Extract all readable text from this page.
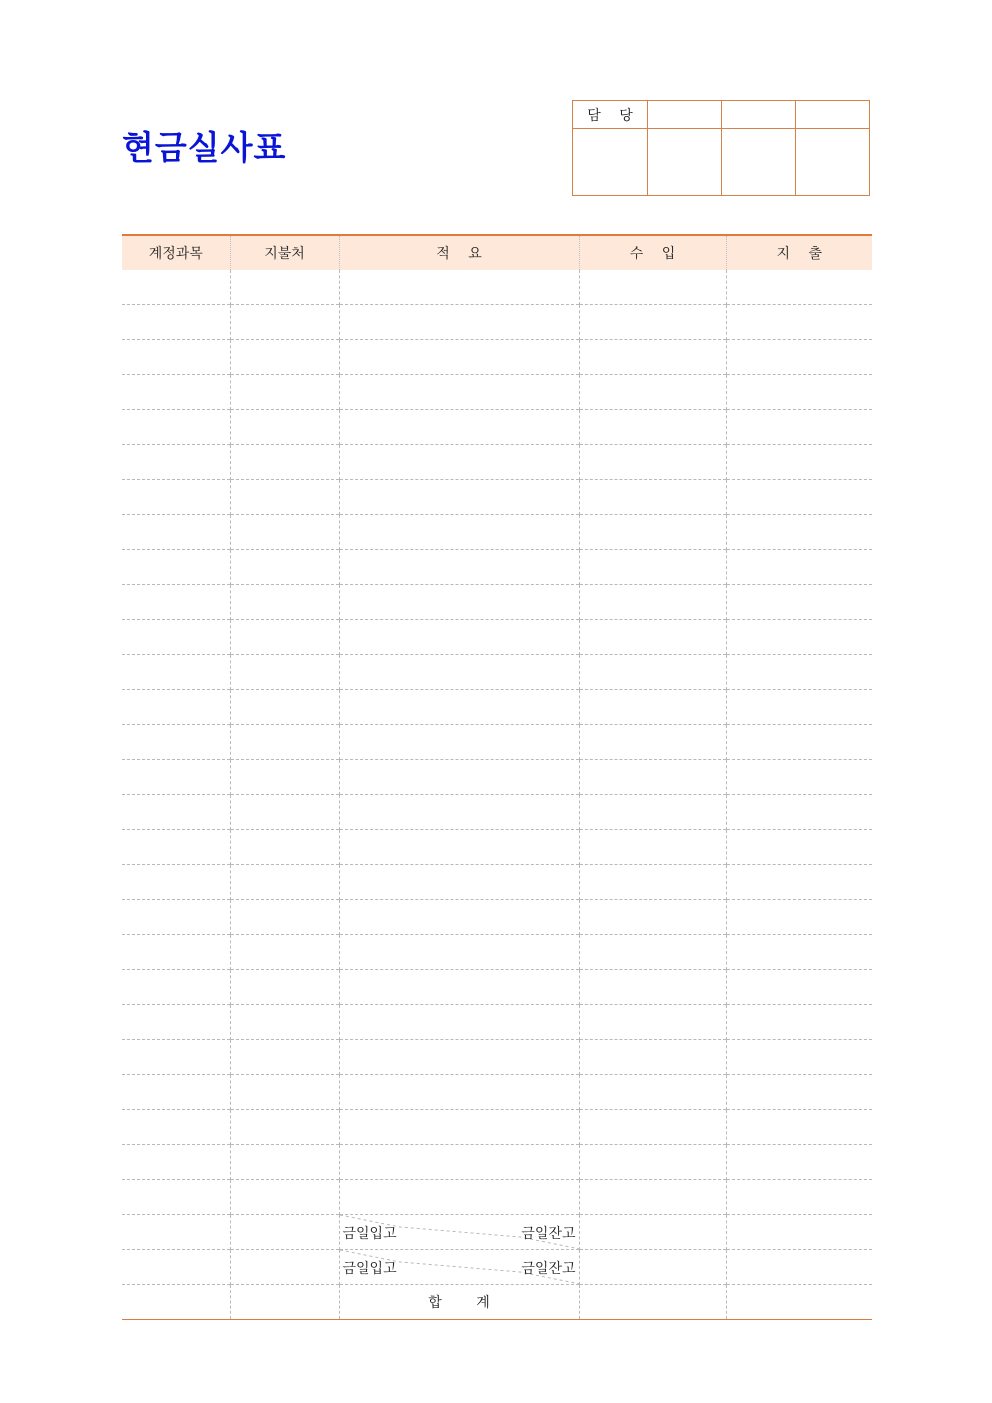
현금실사표
담 당			

계정과목	지불처	적 요	수 입	지 출

		금일입고 금일잔고		

		금일입고 금일잔고		

		합 계		
